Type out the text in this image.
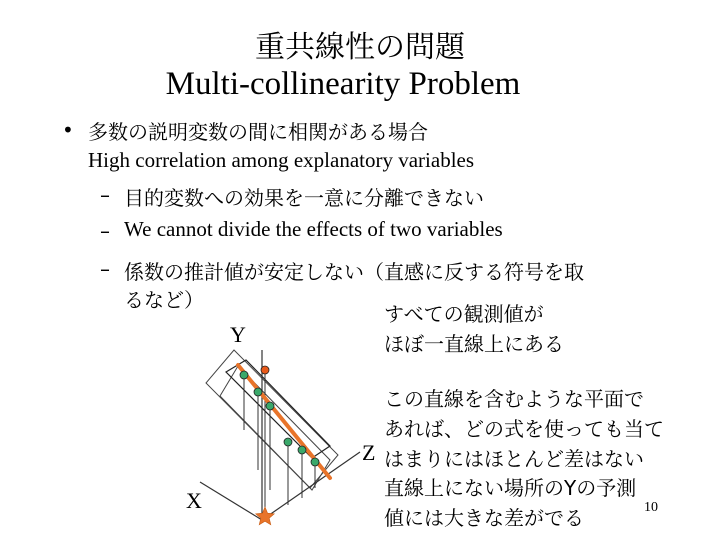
重共線性の問題
Multi-collinearity Problem
• 多数の説明変数の間に相関がある場合
High correlation among explanatory variables
– 目的変数への効果を一意に分離できない
– We cannot divide the effects of two variables
– 係数の推計値が安定しない（直感に反する符号を取
るなど）
すべての観測値が
ほぼ一直線上にある
この直線を含むような平面で
あれば、どの式を使っても当て
はまりにはほとんど差はない
直線上にない場所のYの予測
値には大きな差がでる
Y
X
Z
10
